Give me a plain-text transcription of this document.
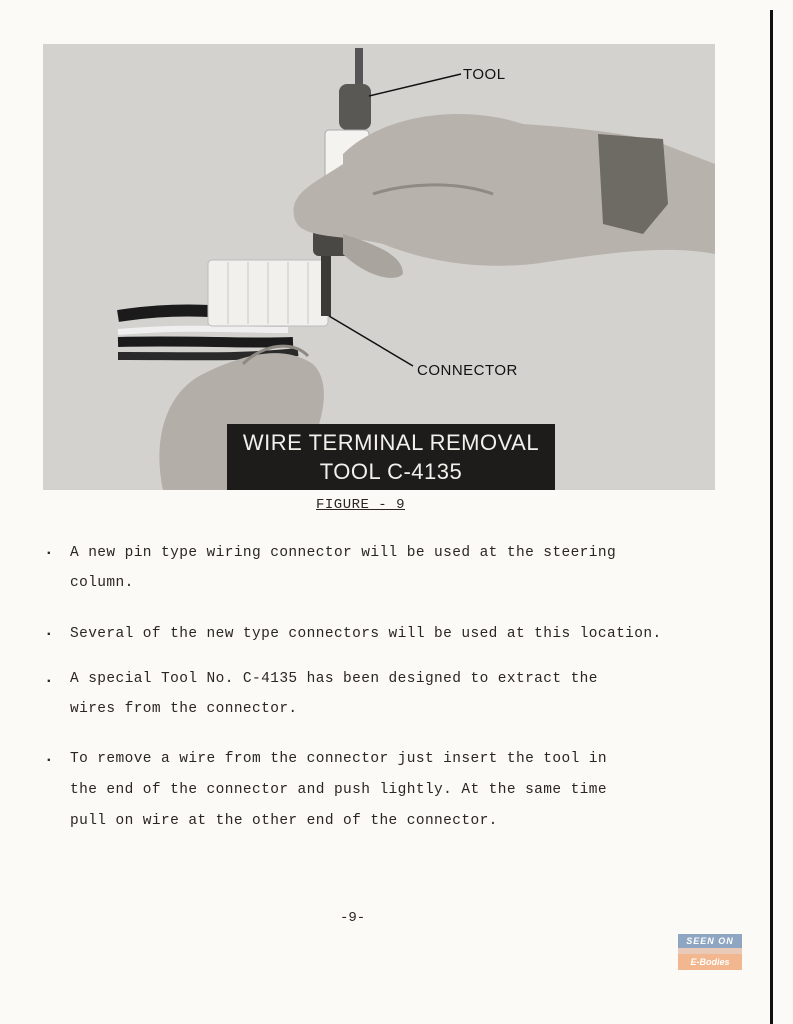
TOOL
CONNECTOR
WIRE TERMINAL REMOVAL
TOOL C-4135
FIGURE - 9
. A new pin type wiring connector will be used at the steering
column.
. Several of the new type connectors will be used at this location.
. A special Tool No. C-4135 has been designed to extract the
wires from the connector.
. To remove a wire from the connector just insert the tool in
the end of the connector and push lightly. At the same time
pull on wire at the other end of the connector.
-9-
SEEN ON
E-Bodies
